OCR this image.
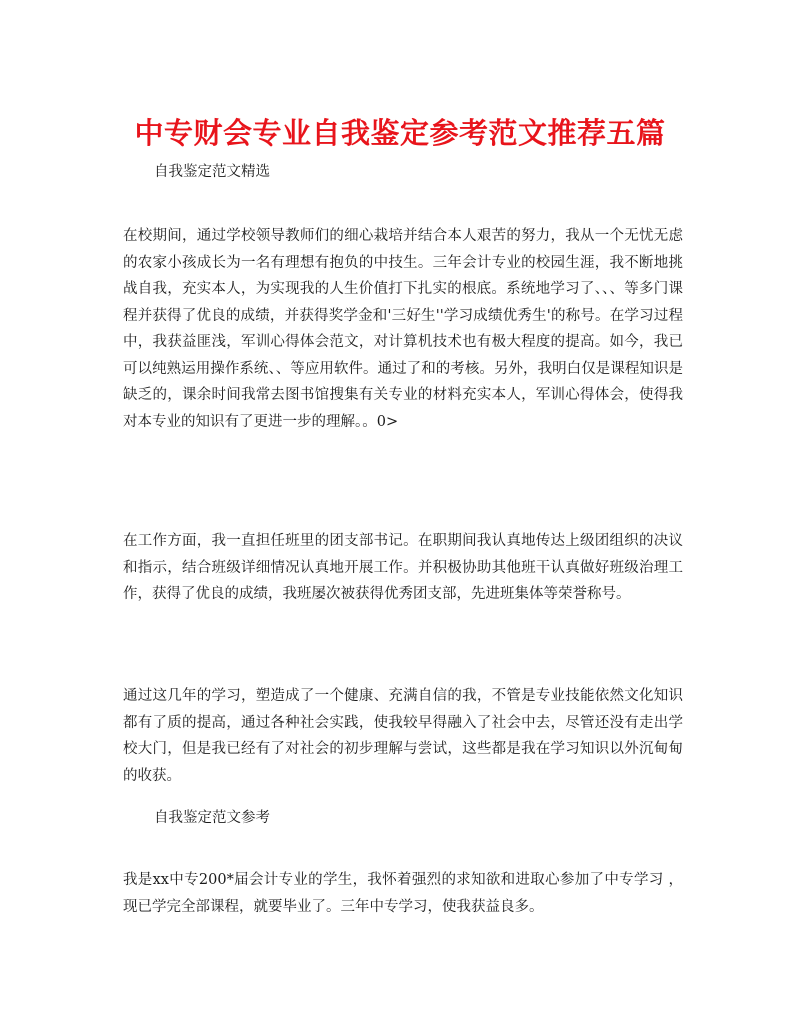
中专财会专业自我鉴定参考范文推荐五篇
自我鉴定范文精选
在校期间，通过学校领导教师们的细心栽培并结合本人艰苦的努力，我从一个无忧无虑的农家小孩成长为一名有理想有抱负的中技生。三年会计专业的校园生涯，我不断地挑战自我，充实本人，为实现我的人生价值打下扎实的根底。系统地学习了、、、等多门课程并获得了优良的成绩，并获得奖学金和'三好生''学习成绩优秀生'的称号。在学习过程中，我获益匪浅，军训心得体会范文，对计算机技术也有极大程度的提高。如今，我已可以纯熟运用操作系统、、等应用软件。通过了和的考核。另外，我明白仅是课程知识是缺乏的，课余时间我常去图书馆搜集有关专业的材料充实本人，军训心得体会，使得我对本专业的知识有了更进一步的理解。。0>
在工作方面，我一直担任班里的团支部书记。在职期间我认真地传达上级团组织的决议和指示，结合班级详细情况认真地开展工作。并积极协助其他班干认真做好班级治理工作，获得了优良的成绩，我班屡次被获得优秀团支部，先进班集体等荣誉称号。
通过这几年的学习，塑造成了一个健康、充满自信的我，不管是专业技能依然文化知识都有了质的提高，通过各种社会实践，使我较早得融入了社会中去，尽管还没有走出学校大门，但是我已经有了对社会的初步理解与尝试，这些都是我在学习知识以外沉甸甸的收获。
自我鉴定范文参考
我是xx中专200*届会计专业的学生，我怀着强烈的求知欲和进取心参加了中专学习 ，现已学完全部课程，就要毕业了。三年中专学习，使我获益良多。
